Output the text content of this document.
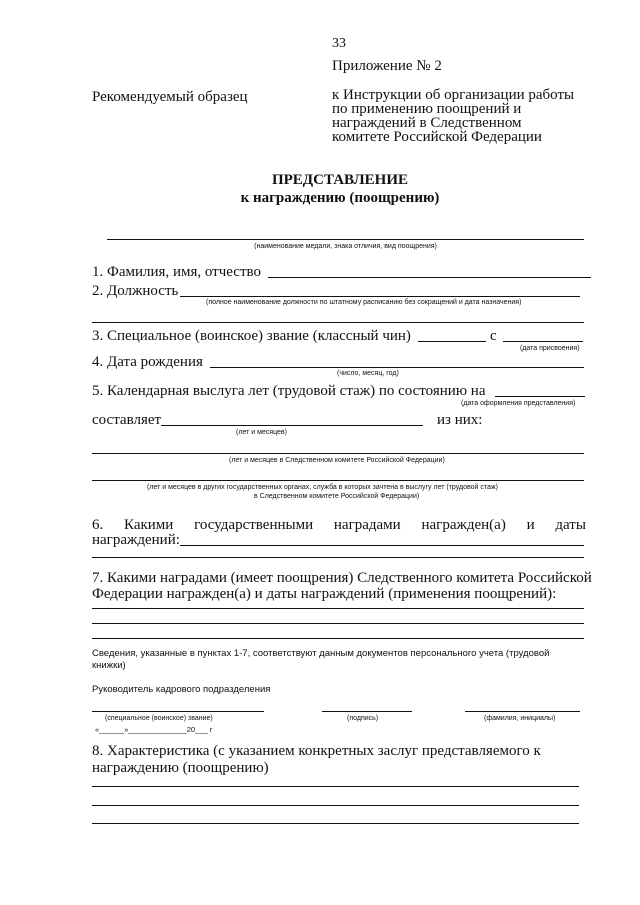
33
Приложение № 2
Рекомендуемый образец	к Инструкции об организации работы
по применению поощрений и
награждений в Следственном
комитете Российской Федерации
ПРЕДСТАВЛЕНИЕ
к награждению (поощрению)
(наименование медали, знака отличия, вид поощрения)
1. Фамилия, имя, отчество
2. Должность
(полное наименование должности по штатному расписанию без сокращений и дата назначения)
3. Специальное (воинское) звание (классный чин)	с
(дата присвоения)
4. Дата рождения
(число, месяц, год)
5. Календарная выслуга лет (трудовой стаж) по состоянию на
(дата оформления представления)
составляет	из них:
(лет и месяцев)
(лет и месяцев в Следственном комитете Российской Федерации)
(лет и месяцев в других государственных органах, служба в которых зачтена в выслугу лет (трудовой стаж)
в Следственном комитете Российской Федерации)
6. Какими государственными наградами награжден(а) и даты
награждений:
7. Какими наградами (имеет поощрения) Следственного комитета Российской
Федерации награжден(а) и даты награждений (применения поощрений):
Сведения, указанные в пунктах 1-7, соответствуют данным документов персонального учета (трудовой
книжки)
Руководитель кадрового подразделения
(специальное (воинское) звание)	(подпись)	(фамилия, инициалы)
«______»______________20___ г
8. Характеристика (с указанием конкретных заслуг представляемого к
награждению (поощрению)
